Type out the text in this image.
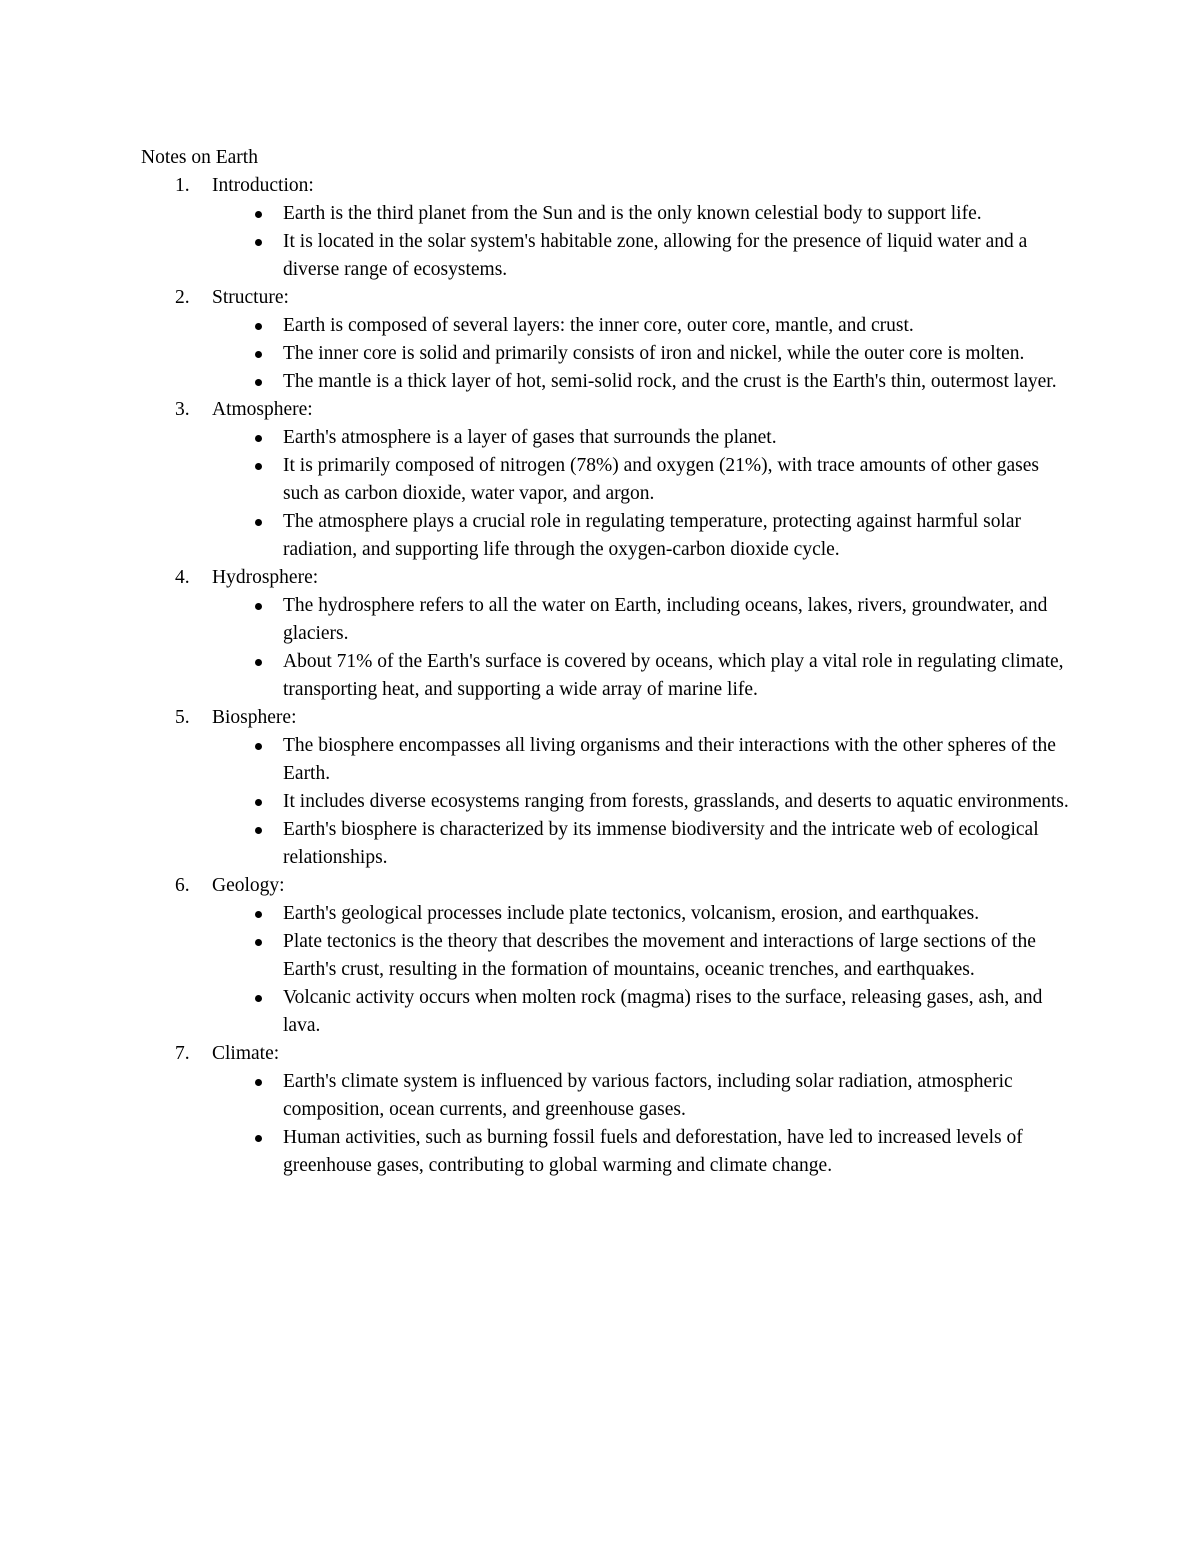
Notes on Earth
1.	Introduction:
Earth is the third planet from the Sun and is the only known celestial body to support life.
It is located in the solar system's habitable zone, allowing for the presence of liquid water and a diverse range of ecosystems.
2.	Structure:
Earth is composed of several layers: the inner core, outer core, mantle, and crust.
The inner core is solid and primarily consists of iron and nickel, while the outer core is molten.
The mantle is a thick layer of hot, semi-solid rock, and the crust is the Earth's thin, outermost layer.
3.	Atmosphere:
Earth's atmosphere is a layer of gases that surrounds the planet.
It is primarily composed of nitrogen (78%) and oxygen (21%), with trace amounts of other gases such as carbon dioxide, water vapor, and argon.
The atmosphere plays a crucial role in regulating temperature, protecting against harmful solar radiation, and supporting life through the oxygen-carbon dioxide cycle.
4.	Hydrosphere:
The hydrosphere refers to all the water on Earth, including oceans, lakes, rivers, groundwater, and glaciers.
About 71% of the Earth's surface is covered by oceans, which play a vital role in regulating climate, transporting heat, and supporting a wide array of marine life.
5.	Biosphere:
The biosphere encompasses all living organisms and their interactions with the other spheres of the Earth.
It includes diverse ecosystems ranging from forests, grasslands, and deserts to aquatic environments.
Earth's biosphere is characterized by its immense biodiversity and the intricate web of ecological relationships.
6.	Geology:
Earth's geological processes include plate tectonics, volcanism, erosion, and earthquakes.
Plate tectonics is the theory that describes the movement and interactions of large sections of the Earth's crust, resulting in the formation of mountains, oceanic trenches, and earthquakes.
Volcanic activity occurs when molten rock (magma) rises to the surface, releasing gases, ash, and lava.
7.	Climate:
Earth's climate system is influenced by various factors, including solar radiation, atmospheric composition, ocean currents, and greenhouse gases.
Human activities, such as burning fossil fuels and deforestation, have led to increased levels of greenhouse gases, contributing to global warming and climate change.
